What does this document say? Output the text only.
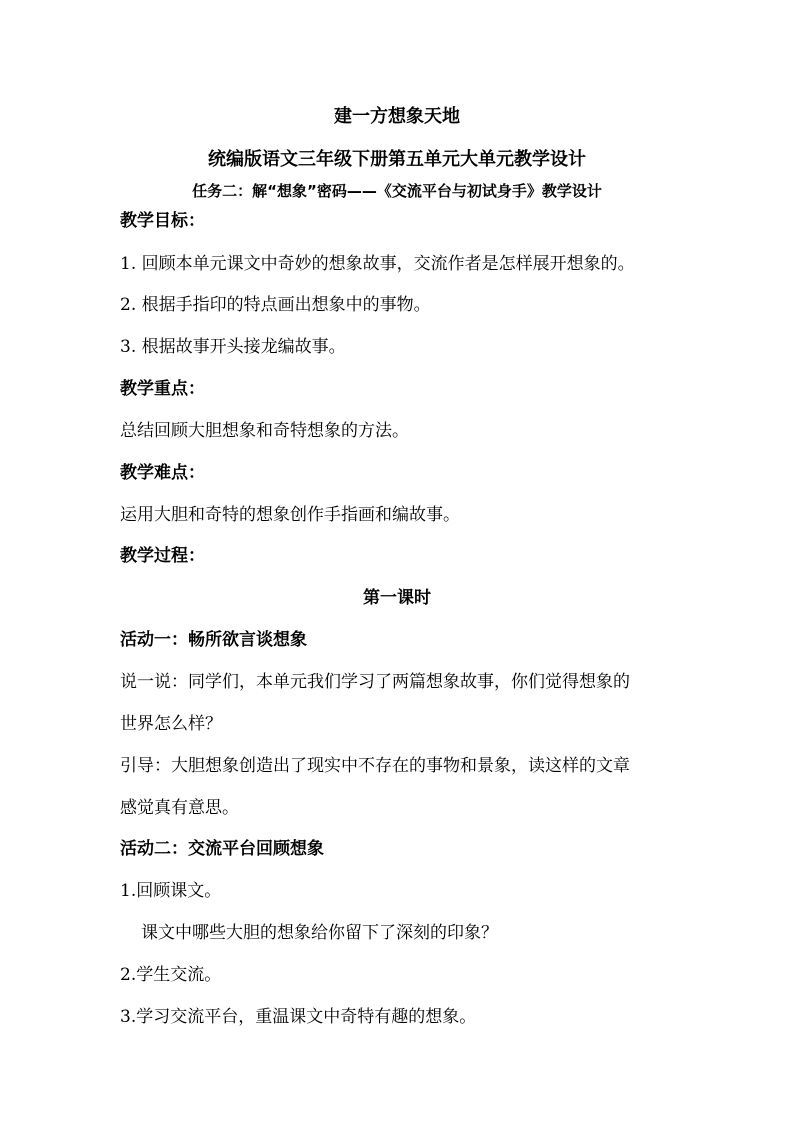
建一方想象天地
统编版语文三年级下册第五单元大单元教学设计
任务二：解“想象”密码——《交流平台与初试身手》教学设计
教学目标：
1. 回顾本单元课文中奇妙的想象故事，交流作者是怎样展开想象的。
2. 根据手指印的特点画出想象中的事物。
3. 根据故事开头接龙编故事。
教学重点：
总结回顾大胆想象和奇特想象的方法。
教学难点：
运用大胆和奇特的想象创作手指画和编故事。
教学过程：
第一课时
活动一：畅所欲言谈想象
说一说：同学们，本单元我们学习了两篇想象故事，你们觉得想象的
世界怎么样？
引导：大胆想象创造出了现实中不存在的事物和景象，读这样的文章
感觉真有意思。
活动二：交流平台回顾想象
1.回顾课文。
课文中哪些大胆的想象给你留下了深刻的印象？
2.学生交流。
3.学习交流平台，重温课文中奇特有趣的想象。
